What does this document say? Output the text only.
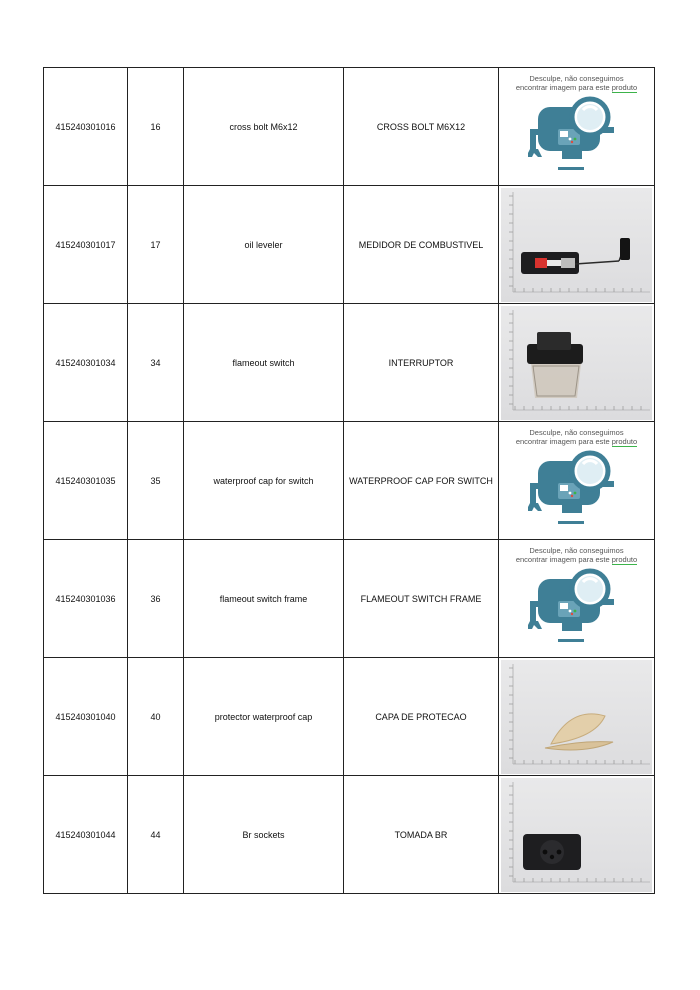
415240301016	16	cross bolt M6x12	CROSS BOLT M6X12	Desculpe, não conseguimos
encontrar imagem para este produto

415240301017	17	oil leveler	MEDIDOR DE COMBUSTIVEL	

415240301034	34	flameout switch	INTERRUPTOR	

415240301035	35	waterproof cap for switch	WATERPROOF CAP FOR SWITCH	Desculpe, não conseguimos
encontrar imagem para este produto

415240301036	36	flameout switch frame	FLAMEOUT SWITCH FRAME	Desculpe, não conseguimos
encontrar imagem para este produto

415240301040	40	protector waterproof cap	CAPA DE PROTECAO	

415240301044	44	Br sockets	TOMADA BR	
